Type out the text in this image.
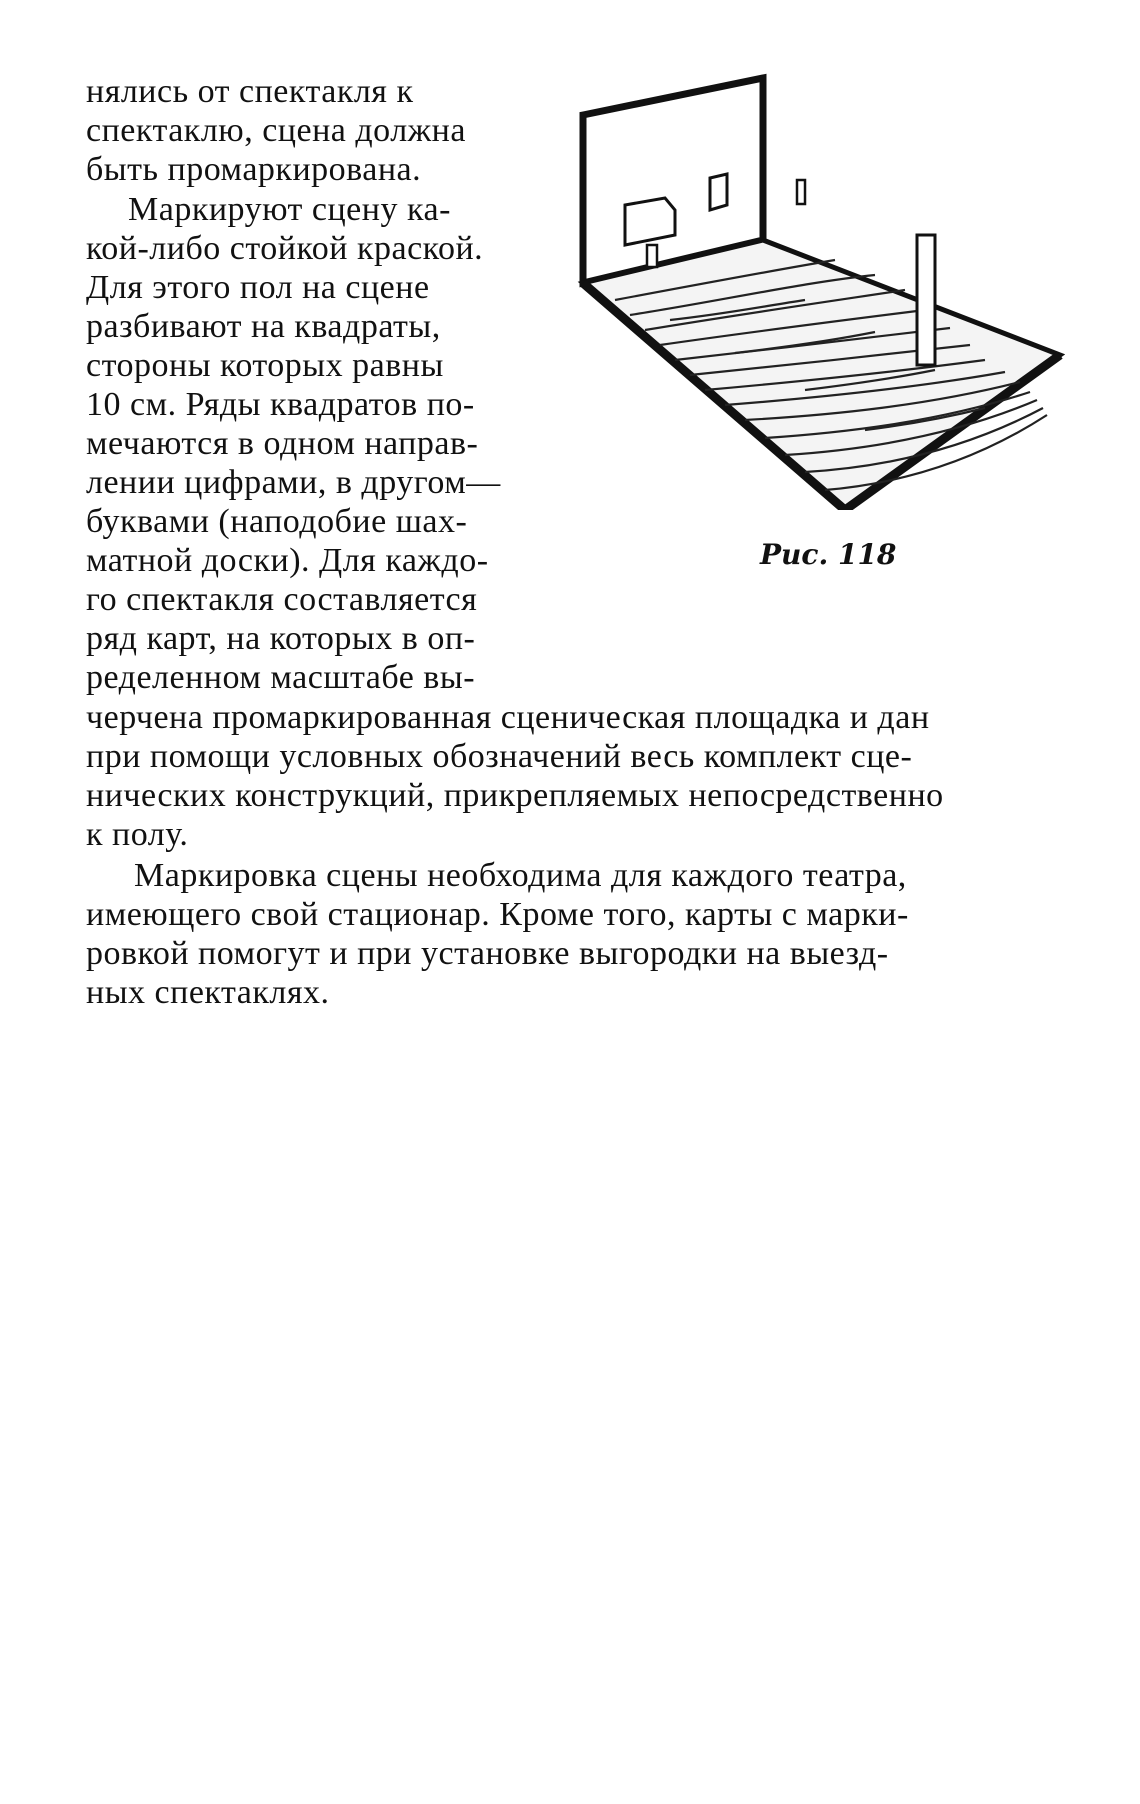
нялись от спектакля к
спектаклю, сцена должна
быть промаркирована.
Маркируют сцену ка-
кой-либо стойкой краской.
Для этого пол на сцене
разбивают на квадраты,
стороны которых равны
10 см. Ряды квадратов по-
мечаются в одном направ-
лении цифрами, в другом—
буквами (наподобие шах-
матной доски). Для каждо-
го спектакля составляется
ряд карт, на которых в оп-
ределенном масштабе вы-
черчена промаркированная сценическая площадка и дан
при помощи условных обозначений весь комплект сце-
нических конструкций, прикрепляемых непосредственно
к полу.
Маркировка сцены необходима для каждого театра,
имеющего свой стационар. Кроме того, карты с марки-
ровкой помогут и при установке выгородки на выезд-
ных спектаклях.
Рис. 118
